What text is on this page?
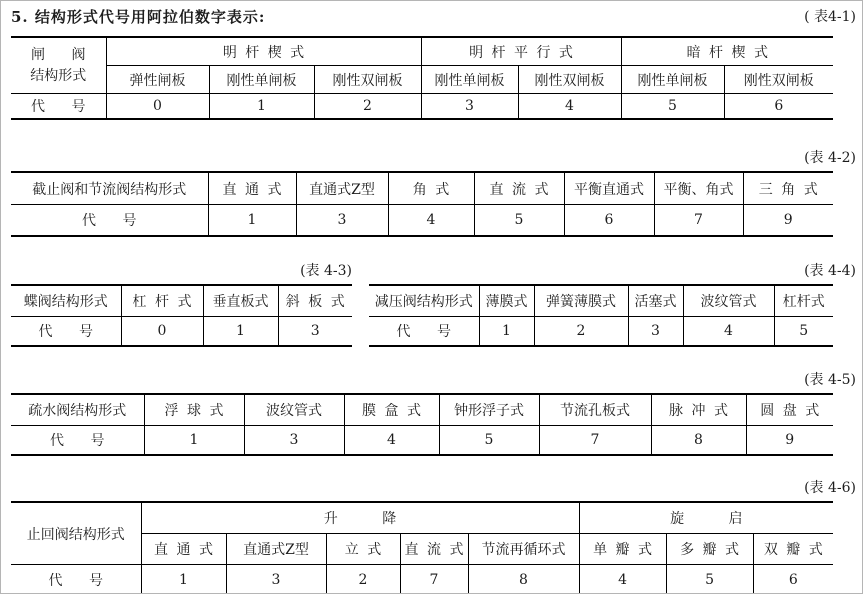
5. 结构形式代号用阿拉伯数字表示:	( 表4-1)
闸 阀
结构形式	明 杆 楔 式			明 杆 平 行 式		暗 杆 楔 式	
	弹性闸板	刚性单闸板	刚性双闸板	刚性单闸板	刚性双闸板	刚性单闸板	刚性双闸板
代 号	0	1	2	3	4	5	6
(表 4-2)
截止阀和节流阀结构形式	直 通 式	直通式Z型	角 式	直 流 式	平衡直通式	平衡、角式	三 角 式
代 号	1	3	4	5	6	7	9
(表 4-3)	(表 4-4)
蝶阀结构形式	杠 杆 式	垂直板式	斜 板 式
代 号	0	1	3
减压阀结构形式	薄膜式	弹簧薄膜式	活塞式	波纹管式	杠杆式
代 号	1	2	3	4	5
(表 4-5)
疏水阀结构形式	浮 球 式	波纹管式	膜 盒 式	钟形浮子式	节流孔板式	脉 冲 式	圆 盘 式
代 号	1	3	4	5	7	8	9
(表 4-6)
止回阀结构形式	升 降					旋 启		
	直 通 式	直通式Z型	立 式	直 流 式	节流再循环式	单 瓣 式	多 瓣 式	双 瓣 式
代 号	1	3	2	7	8	4	5	6
